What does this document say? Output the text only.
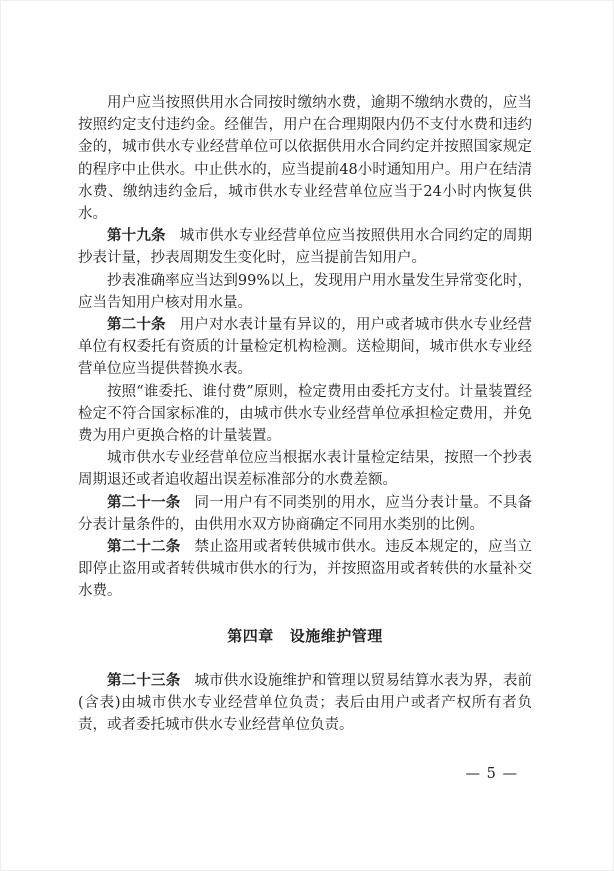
用户应当按照供用水合同按时缴纳水费，逾期不缴纳水费的，应当按照约定支付违约金。经催告，用户在合理期限内仍不支付水费和违约金的，城市供水专业经营单位可以依据供用水合同约定并按照国家规定的程序中止供水。中止供水的，应当提前48小时通知用户。用户在结清水费、缴纳违约金后，城市供水专业经营单位应当于24小时内恢复供水。

第十九条 城市供水专业经营单位应当按照供用水合同约定的周期抄表计量，抄表周期发生变化时，应当提前告知用户。

抄表准确率应当达到99%以上，发现用户用水量发生异常变化时，应当告知用户核对用水量。

第二十条 用户对水表计量有异议的，用户或者城市供水专业经营单位有权委托有资质的计量检定机构检测。送检期间，城市供水专业经营单位应当提供替换水表。

按照“谁委托、谁付费”原则，检定费用由委托方支付。计量装置经检定不符合国家标准的，由城市供水专业经营单位承担检定费用，并免费为用户更换合格的计量装置。

城市供水专业经营单位应当根据水表计量检定结果，按照一个抄表周期退还或者追收超出误差标准部分的水费差额。

第二十一条 同一用户有不同类别的用水，应当分表计量。不具备分表计量条件的，由供用水双方协商确定不同用水类别的比例。

第二十二条 禁止盗用或者转供城市供水。违反本规定的，应当立即停止盗用或者转供城市供水的行为，并按照盗用或者转供的水量补交水费。

第四章 设施维护管理

第二十三条 城市供水设施维护和管理以贸易结算水表为界，表前(含表)由城市供水专业经营单位负责；表后由用户或者产权所有者负责，或者委托城市供水专业经营单位负责。

— 5 —
